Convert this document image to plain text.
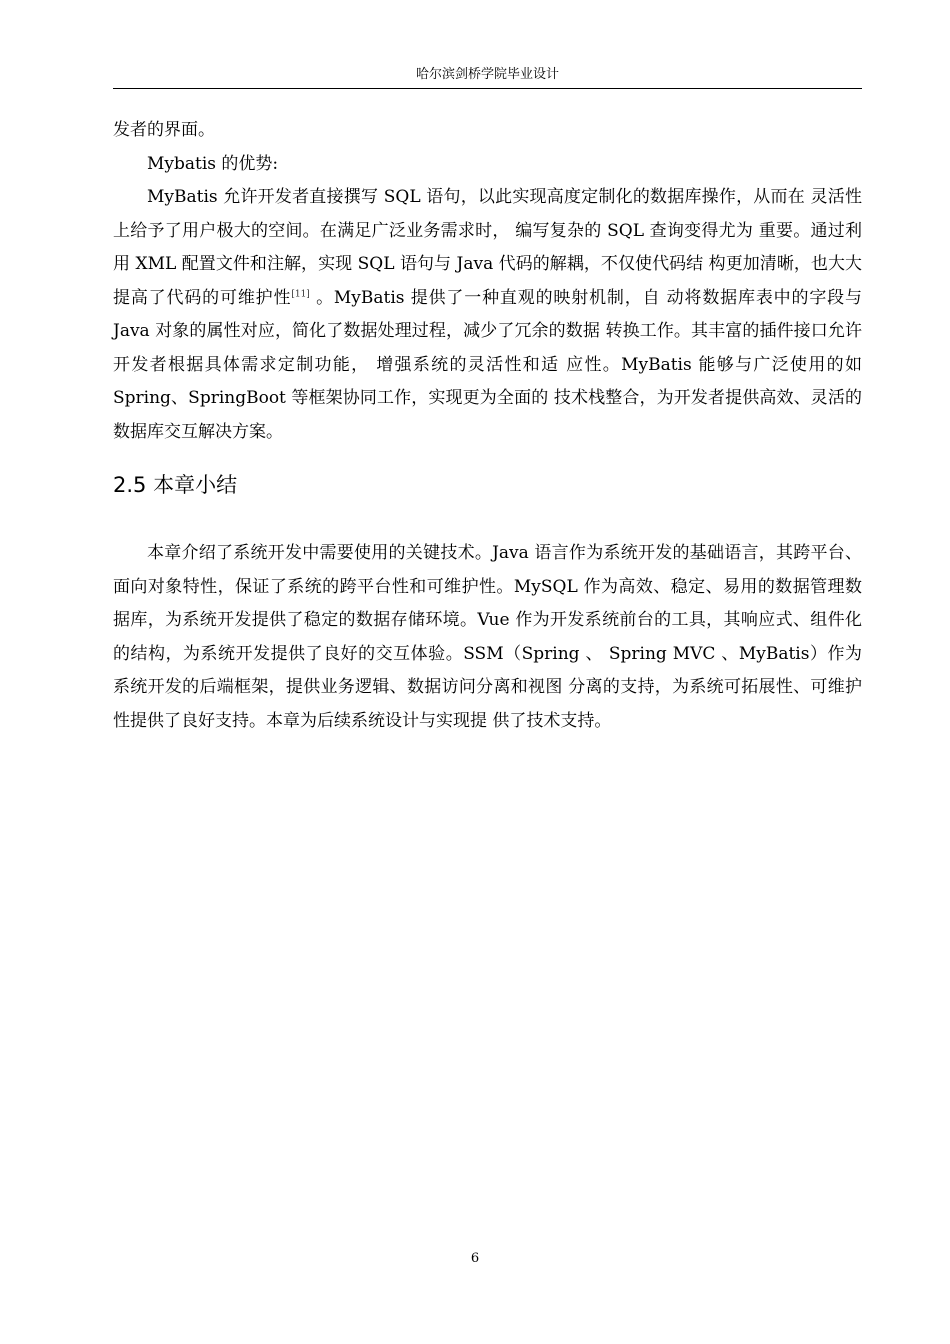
哈尔滨剑桥学院毕业设计

发者的界面。

Mybatis 的优势:

MyBatis 允许开发者直接撰写 SQL 语句，以此实现高度定制化的数据库操作，从而在 灵活性上给予了用户极大的空间。在满足广泛业务需求时， 编写复杂的 SQL 查询变得尤为 重要。通过利用 XML 配置文件和注解，实现 SQL 语句与 Java 代码的解耦，不仅使代码结 构更加清晰，也大大提高了代码的可维护性[11] 。MyBatis 提供了一种直观的映射机制，自 动将数据库表中的字段与 Java 对象的属性对应，简化了数据处理过程，减少了冗余的数据 转换工作。其丰富的插件接口允许开发者根据具体需求定制功能， 增强系统的灵活性和适 应性。MyBatis 能够与广泛使用的如 Spring、SpringBoot 等框架协同工作，实现更为全面的 技术栈整合，为开发者提供高效、灵活的数据库交互解决方案。

2.5 本章小结

本章介绍了系统开发中需要使用的关键技术。Java 语言作为系统开发的基础语言，其跨平台、面向对象特性，保证了系统的跨平台性和可维护性。MySQL 作为高效、稳定、易用的数据管理数据库，为系统开发提供了稳定的数据存储环境。Vue 作为开发系统前台的工具，其响应式、组件化的结构，为系统开发提供了良好的交互体验。SSM（Spring 、 Spring MVC 、MyBatis）作为系统开发的后端框架，提供业务逻辑、数据访问分离和视图 分离的支持，为系统可拓展性、可维护性提供了良好支持。本章为后续系统设计与实现提 供了技术支持。

6
